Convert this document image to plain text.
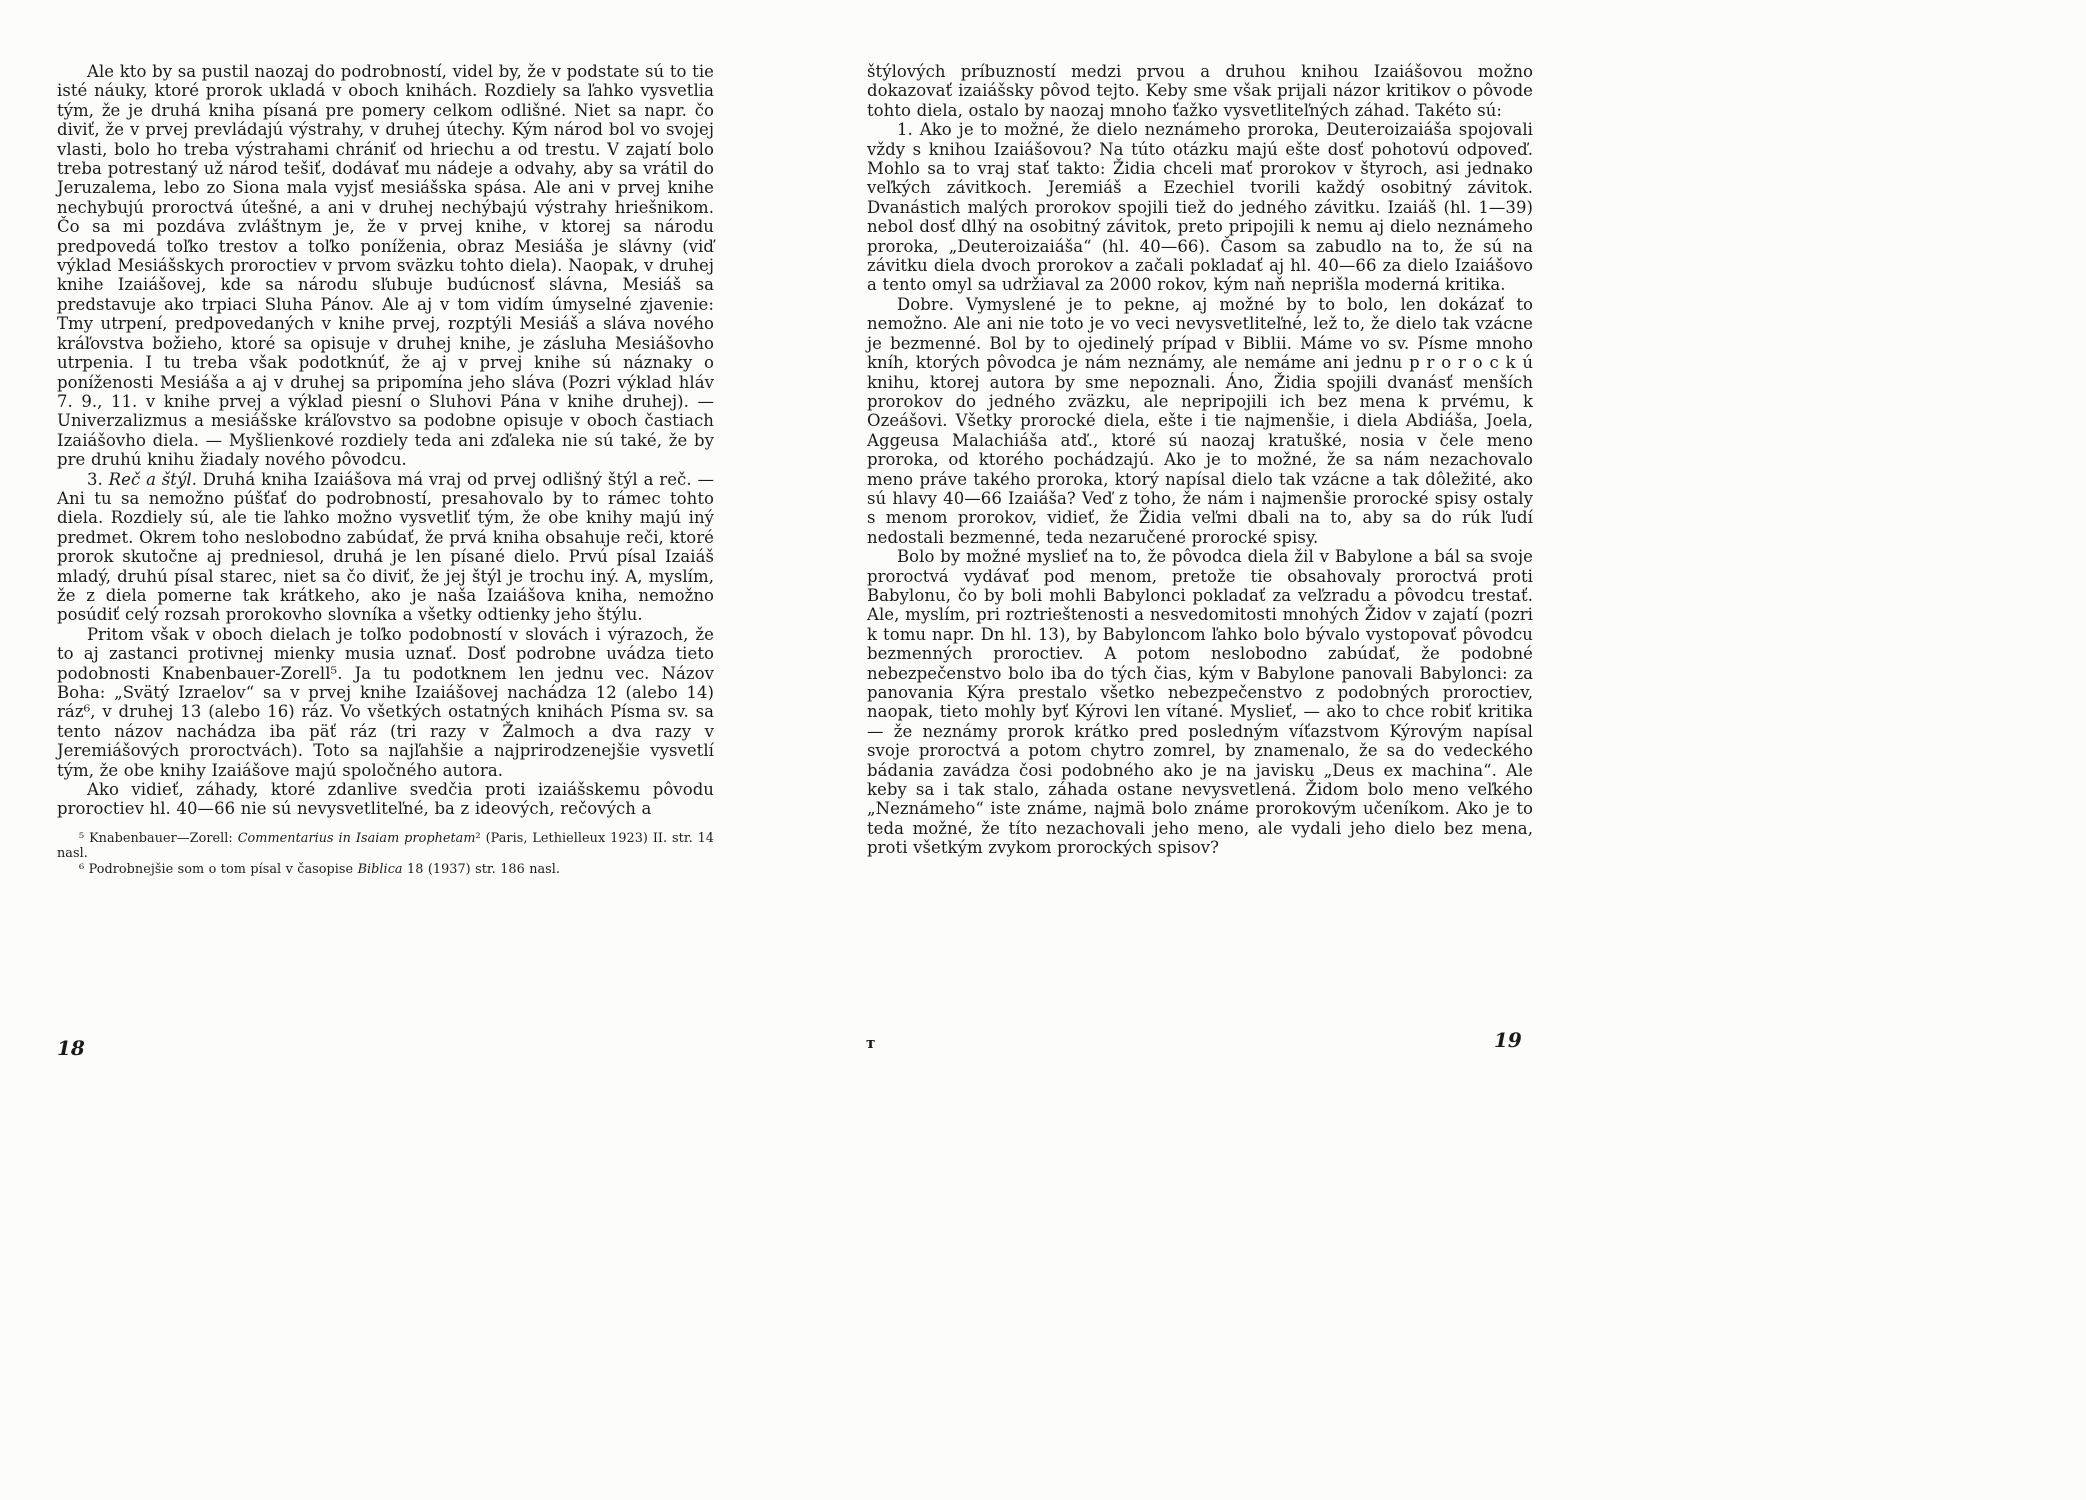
Ale kto by sa pustil naozaj do podrobností, videl by, že v podstate sú to tie isté náuky, ktoré prorok ukladá v oboch knihách. Rozdiely sa ľahko vysvetlia tým, že je druhá kniha písaná pre pomery celkom odlišné. Niet sa napr. čo diviť, že v prvej prevládajú výstrahy, v druhej útechy. Kým národ bol vo svojej vlasti, bolo ho treba výstrahami chrániť od hriechu a od trestu. V zajatí bolo treba potrestaný už národ tešiť, dodávať mu nádeje a odvahy, aby sa vrátil do Jeruzalema, lebo zo Siona mala vyjsť mesiášska spása. Ale ani v prvej knihe nechybujú proroctvá útešné, a ani v druhej nechýbajú výstrahy hriešnikom. Čo sa mi pozdáva zvláštnym je, že v prvej knihe, v ktorej sa národu predpovedá toľko trestov a toľko poníženia, obraz Mesiáša je slávny (viď výklad Mesiášskych proroctiev v prvom sväzku tohto diela). Naopak, v druhej knihe Izaiášovej, kde sa národu sľubuje budúcnosť slávna, Mesiáš sa predstavuje ako trpiaci Sluha Pánov. Ale aj v tom vidím úmyselné zjavenie: Tmy utrpení, predpovedaných v knihe prvej, rozptýli Mesiáš a sláva nového kráľovstva božieho, ktoré sa opisuje v druhej knihe, je zásluha Mesiášovho utrpenia. I tu treba však podotknúť, že aj v prvej knihe sú náznaky o poníženosti Mesiáša a aj v druhej sa pripomína jeho sláva (Pozri výklad hláv 7. 9., 11. v knihe prvej a výklad piesní o Sluhovi Pána v knihe druhej). — Univerzalizmus a mesiášske kráľovstvo sa podobne opisuje v oboch častiach Izaiášovho diela. — Myšlienkové rozdiely teda ani zďaleka nie sú také, že by pre druhú knihu žiadaly nového pôvodcu.

3. Reč a štýl. Druhá kniha Izaiášova má vraj od prvej odlišný štýl a reč. — Ani tu sa nemožno púšťať do podrobností, presahovalo by to rámec tohto diela. Rozdiely sú, ale tie ľahko možno vysvetliť tým, že obe knihy majú iný predmet. Okrem toho neslobodno zabúdať, že prvá kniha obsahuje reči, ktoré prorok skutočne aj predniesol, druhá je len písané dielo. Prvú písal Izaiáš mladý, druhú písal starec, niet sa čo diviť, že jej štýl je trochu iný. A, myslím, že z diela pomerne tak krátkeho, ako je naša Izaiášova kniha, nemožno posúdiť celý rozsah prorokovho slovníka a všetky odtienky jeho štýlu.

Pritom však v oboch dielach je toľko podobností v slovách i výrazoch, že to aj zastanci protivnej mienky musia uznať. Dosť podrobne uvádza tieto podobnosti Knabenbauer-Zorell⁵. Ja tu podotknem len jednu vec. Názov Boha: „Svätý Izraelov“ sa v prvej knihe Izaiášovej nachádza 12 (alebo 14) ráz⁶, v druhej 13 (alebo 16) ráz. Vo všetkých ostatných knihách Písma sv. sa tento názov nachádza iba päť ráz (tri razy v Žalmoch a dva razy v Jeremiášových proroctvách). Toto sa najľahšie a najprirodzenejšie vysvetlí tým, že obe knihy Izaiášove majú spoločného autora.

Ako vidieť, záhady, ktoré zdanlive svedčia proti izaiášskemu pôvodu proroctiev hl. 40—66 nie sú nevysvetliteľné, ba z ideových, rečových a

⁵ Knabenbauer—Zorell: Commentarius in Isaiam prophetam² (Paris, Lethielleux 1923) II. str. 14 nasl.

⁶ Podrobnejšie som o tom písal v časopise Biblica 18 (1937) str. 186 nasl.

štýlových príbuzností medzi prvou a druhou knihou Izaiášovou možno dokazovať izaiášsky pôvod tejto. Keby sme však prijali názor kritikov o pôvode tohto diela, ostalo by naozaj mnoho ťažko vysvetliteľných záhad. Takéto sú:

1. Ako je to možné, že dielo neznámeho proroka, Deuteroizaiáša spojovali vždy s knihou Izaiášovou? Na túto otázku majú ešte dosť pohotovú odpoveď. Mohlo sa to vraj stať takto: Židia chceli mať prorokov v štyroch, asi jednako veľkých závitkoch. Jeremiáš a Ezechiel tvorili každý osobitný závitok. Dvanástich malých prorokov spojili tiež do jedného závitku. Izaiáš (hl. 1—39) nebol dosť dlhý na osobitný závitok, preto pripojili k nemu aj dielo neznámeho proroka, „Deuteroizaiáša“ (hl. 40—66). Časom sa zabudlo na to, že sú na závitku diela dvoch prorokov a začali pokladať aj hl. 40—66 za dielo Izaiášovo a tento omyl sa udržiaval za 2000 rokov, kým naň neprišla moderná kritika.

Dobre. Vymyslené je to pekne, aj možné by to bolo, len dokázať to nemožno. Ale ani nie toto je vo veci nevysvetliteľné, lež to, že dielo tak vzácne je bezmenné. Bol by to ojedinelý prípad v Biblii. Máme vo sv. Písme mnoho kníh, ktorých pôvodca je nám neznámy, ale nemáme ani jednu p r o r o c k ú knihu, ktorej autora by sme nepoznali. Áno, Židia spojili dvanásť menších prorokov do jedného zväzku, ale nepripojili ich bez mena k prvému, k Ozeášovi. Všetky prorocké diela, ešte i tie najmenšie, i diela Abdiáša, Joela, Aggeusa Malachiáša atď., ktoré sú naozaj kratušké, nosia v čele meno proroka, od ktorého pochádzajú. Ako je to možné, že sa nám nezachovalo meno práve takého proroka, ktorý napísal dielo tak vzácne a tak dôležité, ako sú hlavy 40—66 Izaiáša? Veď z toho, že nám i najmenšie prorocké spisy ostaly s menom prorokov, vidieť, že Židia veľmi dbali na to, aby sa do rúk ľudí nedostali bezmenné, teda nezaručené prorocké spisy.

Bolo by možné myslieť na to, že pôvodca diela žil v Babylone a bál sa svoje proroctvá vydávať pod menom, pretože tie obsahovaly proroctvá proti Babylonu, čo by boli mohli Babylonci pokladať za veľzradu a pôvodcu trestať. Ale, myslím, pri roztrieštenosti a nesvedomitosti mnohých Židov v zajatí (pozri k tomu napr. Dn hl. 13), by Babyloncom ľahko bolo bývalo vystopovať pôvodcu bezmenných proroctiev. A potom neslobodno zabúdať, že podobné nebezpečenstvo bolo iba do tých čias, kým v Babylone panovali Babylonci: za panovania Kýra prestalo všetko nebezpečenstvo z podobných proroctiev, naopak, tieto mohly byť Kýrovi len vítané. Myslieť, — ako to chce robiť kritika — že neznámy prorok krátko pred posledným víťazstvom Kýrovým napísal svoje proroctvá a potom chytro zomrel, by znamenalo, že sa do vedeckého bádania zavádza čosi podobného ako je na javisku „Deus ex machina“. Ale keby sa i tak stalo, záhada ostane nevysvetlená. Židom bolo meno veľkého „Neznámeho“ iste známe, najmä bolo známe prorokovým učeníkom. Ako je to teda možné, že títo nezachovali jeho meno, ale vydali jeho dielo bez mena, proti všetkým zvykom prorockých spisov?

18	т	19
